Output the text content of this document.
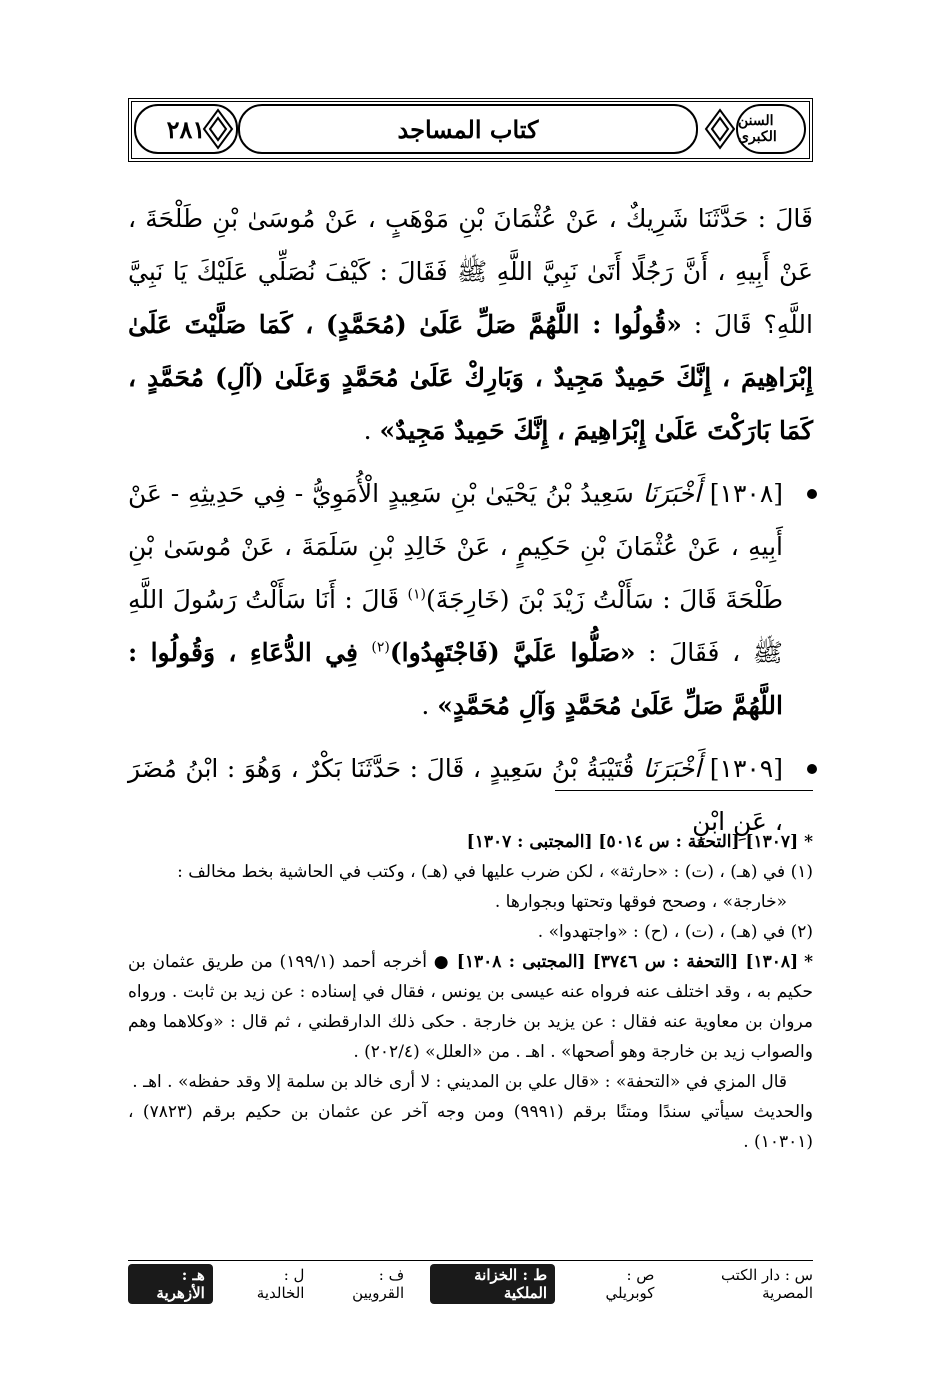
٢٨١	كتاب المساجد	السنن الكبرى

قَالَ : حَدَّثَنَا شَرِيكٌ ، عَنْ عُثْمَانَ بْنِ مَوْهَبٍ ، عَنْ مُوسَىٰ بْنِ طَلْحَةَ ، عَنْ أَبِيهِ ، أَنَّ رَجُلًا أَتَىٰ نَبِيَّ اللَّهِ ﷺ فَقَالَ : كَيْفَ نُصَلِّي عَلَيْكَ يَا نَبِيَّ اللَّهِ؟ قَالَ : «قُولُوا : اللَّهُمَّ صَلِّ عَلَىٰ (مُحَمَّدٍ) ، كَمَا صَلَّيْتَ عَلَىٰ إِبْرَاهِيمَ ، إِنَّكَ حَمِيدٌ مَجِيدٌ ، وَبَارِكْ عَلَىٰ مُحَمَّدٍ وَعَلَىٰ (آلِ) مُحَمَّدٍ ، كَمَا بَارَكْتَ عَلَىٰ إِبْرَاهِيمَ ، إِنَّكَ حَمِيدٌ مَجِيدٌ» .

[١٣٠٨] أَخْبَرَنَا سَعِيدُ بْنُ يَحْيَىٰ بْنِ سَعِيدٍ الْأُمَوِيُّ - فِي حَدِيثِهِ - عَنْ أَبِيهِ ، عَنْ عُثْمَانَ بْنِ حَكِيمٍ ، عَنْ خَالِدِ بْنِ سَلَمَةَ ، عَنْ مُوسَىٰ بْنِ طَلْحَةَ قَالَ : سَأَلْتُ زَيْدَ بْنَ (خَارِجَةَ)$^{(١)}$ قَالَ : أَنَا سَأَلْتُ رَسُولَ اللَّهِ ﷺ ، فَقَالَ : «صَلُّوا عَلَيَّ (فَاجْتَهِدُوا)$^{(٢)}$ فِي الدُّعَاءِ ، وَقُولُوا : اللَّهُمَّ صَلِّ عَلَىٰ مُحَمَّدٍ وَآلِ مُحَمَّدٍ» .

[١٣٠٩] أَخْبَرَنَا قُتَيْبَةُ بْنُ سَعِيدٍ ، قَالَ : حَدَّثَنَا بَكْرٌ ، وَهُوَ : ابْنُ مُضَرَ ، عَنِ ابْنِ

*[١٣٠٧] [التحفة : س ٥٠١٤] [المجتبى : ١٣٠٧]

(١) في (هـ) ، (ت) : «حارثة» ، لكن ضرب عليها في (هـ) ، وكتب في الحاشية بخط مخالف :

«خارجة» ، وصحح فوقها وتحتها وبجوارها .

(٢) في (هـ) ، (ت) ، (ح) : «واجتهدوا» .

*[١٣٠٨] [التحفة : س ٣٧٤٦] [المجتبى : ١٣٠٨] ● أخرجه أحمد (١٩٩/١) من طريق عثمان بن حكيم به ، وقد اختلف عنه فرواه عنه عيسى بن يونس ، فقال في إسناده : عن زيد بن ثابت . ورواه مروان بن معاوية عنه فقال : عن يزيد بن خارجة . حكى ذلك الدارقطني ، ثم قال : «وكلاهما وهم والصواب زيد بن خارجة وهو أصحها» . اهـ . من «العلل» (٢٠٢/٤) .

قال المزي في «التحفة» : «قال علي بن المديني : لا أرى خالد بن سلمة إلا وقد حفظه» . اهـ .

والحديث سيأتي سندًا ومتنًا برقم (٩٩٩١) ومن وجه آخر عن عثمان بن حكيم برقم (٧٨٢٣) ، (١٠٣٠١) .

س : دار الكتب المصرية
ص : كوبريلي
ط : الخزانة الملكية
ف : القرويين
ل : الخالدية
هـ : الأزهرية
